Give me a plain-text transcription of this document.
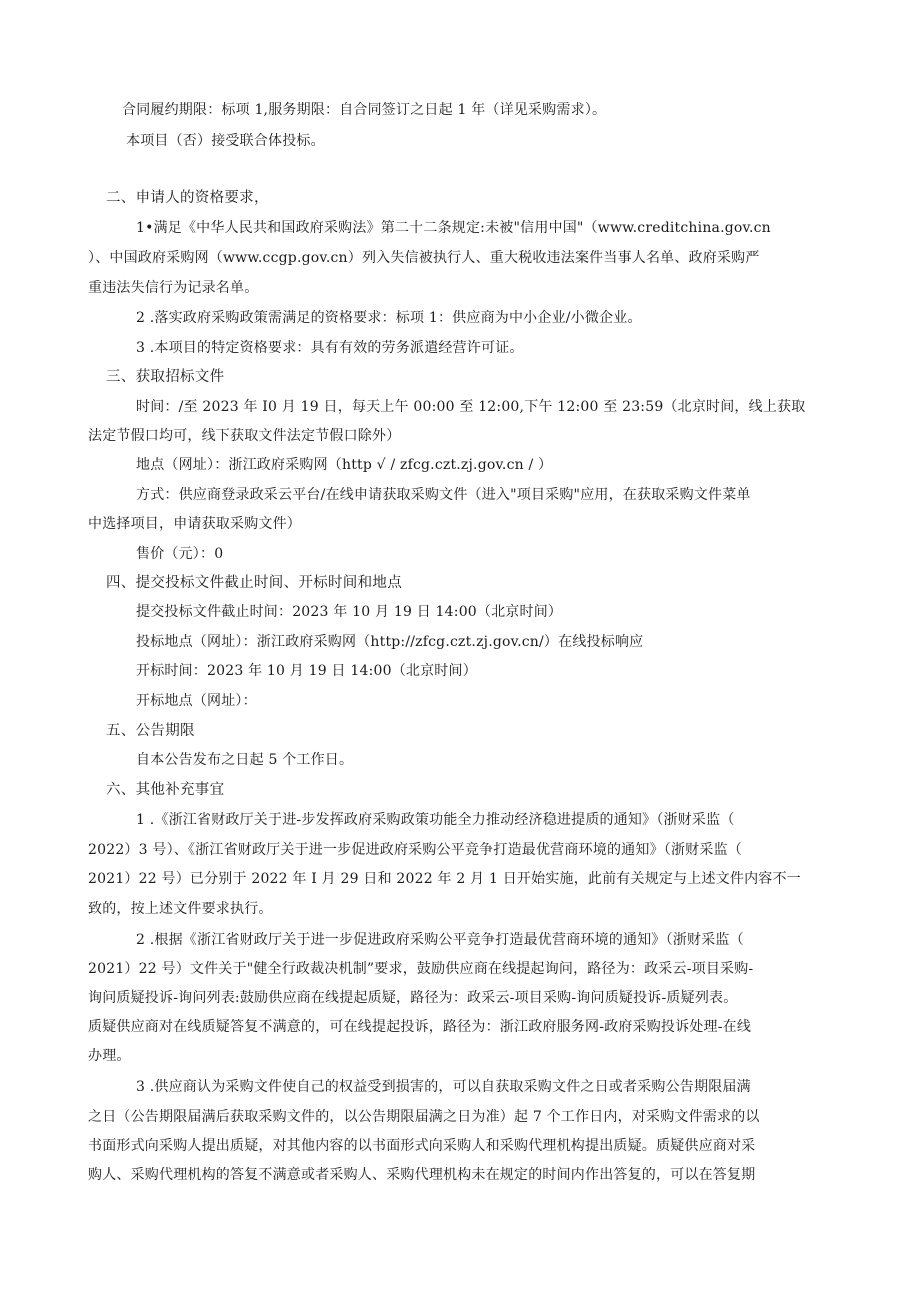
合同履约期限：标项 1,服务期限：自合同签订之日起 1 年（详见采购需求）。
本项目（否）接受联合体投标。
二、申请人的资格要求，
1•满足《中华人民共和国政府采购法》第二十二条规定:未被"信用中国"（www.creditchina.gov.cn
）、中国政府采购网（www.ccgp.gov.cn）列入失信被执行人、重大税收违法案件当事人名单、政府采购严
重违法失信行为记录名单。
2 .落实政府采购政策需满足的资格要求：标项 1：供应商为中小企业/小微企业。
3 .本项目的特定资格要求：具有有效的劳务派遣经营许可证。
三、获取招标文件
时间：/至 2023 年 I0 月 19 日，每天上午 00:00 至 12:00,下午 12:00 至 23:59（北京时间，线上获取
法定节假口均可，线下获取文件法定节假口除外）
地点（网址）：浙江政府采购网（http √ / zfcg.czt.zj.gov.cn / ）
方式：供应商登录政采云平台/在线申请获取采购文件（进入"项目采购"应用，在获取采购文件菜单
中选择项目，申请获取采购文件）
售价（元）：0
四、提交投标文件截止时间、开标时间和地点
提交投标文件截止时间：2023 年 10 月 19 日 14:00（北京时间）
投标地点（网址）：浙江政府采购网（http://zfcg.czt.zj.gov.cn/）在线投标响应
开标时间：2023 年 10 月 19 日 14:00（北京时间）
开标地点（网址）：
五、公告期限
自本公告发布之日起 5 个工作日。
六、其他补充事宜
1 .《浙江省财政厅关于进-步发挥政府采购政策功能全力推动经济稳进提质的通知》（浙财采监（
2022）3 号）、《浙江省财政厅关于进一步促进政府采购公平竞争打造最优营商环境的通知》（浙财采监（
2021）22 号）已分别于 2022 年 I 月 29 日和 2022 年 2 月 1 日开始实施，此前有关规定与上述文件内容不一
致的，按上述文件要求执行。
2 .根据《浙江省财政厅关于进一步促进政府采购公平竞争打造最优营商环境的通知》（浙财采监（
2021）22 号）文件关于"健全行政裁决机制”要求，鼓励供应商在线提起询问，路径为：政采云-项目采购-
询问质疑投诉-询问列表:鼓励供应商在线提起质疑，路径为：政采云-项目采购-询问质疑投诉-质疑列表。
质疑供应商对在线质疑答复不满意的，可在线提起投诉，路径为：浙江政府服务网-政府采购投诉处理-在线
办理。
3 .供应商认为采购文件使自己的权益受到损害的，可以自获取采购文件之日或者采购公告期限届满
之日（公告期限届满后获取采购文件的，以公告期限届满之日为准）起 7 个工作日内，对采购文件需求的以
书面形式向采购人提出质疑，对其他内容的以书面形式向采购人和采购代理机构提出质疑。质疑供应商对采
购人、采购代理机构的答复不满意或者采购人、采购代理机构未在规定的时间内作出答复的，可以在答复期
